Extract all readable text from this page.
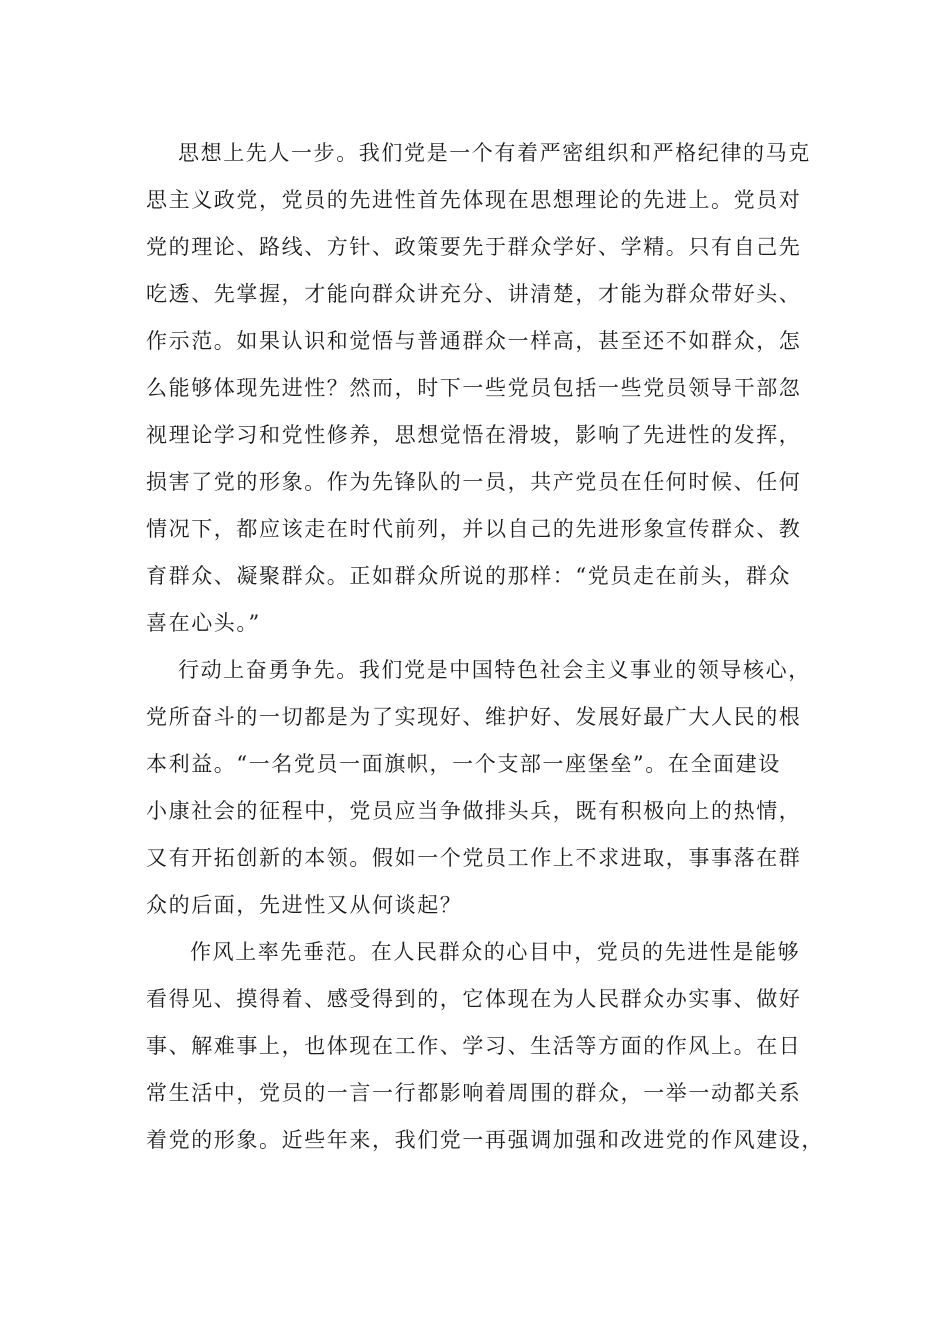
思想上先人一步。我们党是一个有着严密组织和严格纪律的马克
思主义政党，党员的先进性首先体现在思想理论的先进上。党员对
党的理论、路线、方针、政策要先于群众学好、学精。只有自己先
吃透、先掌握，才能向群众讲充分、讲清楚，才能为群众带好头、
作示范。如果认识和觉悟与普通群众一样高，甚至还不如群众，怎
么能够体现先进性？然而，时下一些党员包括一些党员领导干部忽
视理论学习和党性修养，思想觉悟在滑坡，影响了先进性的发挥，
损害了党的形象。作为先锋队的一员，共产党员在任何时候、任何
情况下，都应该走在时代前列，并以自己的先进形象宣传群众、教
育群众、凝聚群众。正如群众所说的那样：“党员走在前头，群众
喜在心头。”
行动上奋勇争先。我们党是中国特色社会主义事业的领导核心，
党所奋斗的一切都是为了实现好、维护好、发展好最广大人民的根
本利益。“一名党员一面旗帜，一个支部一座堡垒”。在全面建设
小康社会的征程中，党员应当争做排头兵，既有积极向上的热情，
又有开拓创新的本领。假如一个党员工作上不求进取，事事落在群
众的后面，先进性又从何谈起？
作风上率先垂范。在人民群众的心目中，党员的先进性是能够
看得见、摸得着、感受得到的，它体现在为人民群众办实事、做好
事、解难事上，也体现在工作、学习、生活等方面的作风上。在日
常生活中，党员的一言一行都影响着周围的群众，一举一动都关系
着党的形象。近些年来，我们党一再强调加强和改进党的作风建设，
